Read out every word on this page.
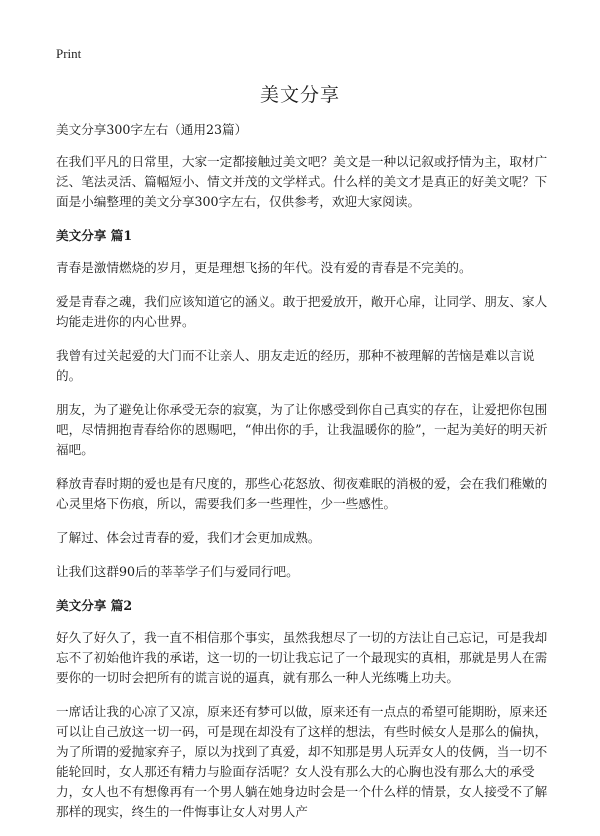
Print
美文分享

美文分享300字左右（通用23篇）

在我们平凡的日常里，大家一定都接触过美文吧？美文是一种以记叙或抒情为主，取材广泛、笔法灵活、篇幅短小、情文并茂的文学样式。什么样的美文才是真正的好美文呢？下面是小编整理的美文分享300字左右，仅供参考，欢迎大家阅读。

美文分享 篇1

青春是激情燃烧的岁月，更是理想飞扬的年代。没有爱的青春是不完美的。

爱是青春之魂，我们应该知道它的涵义。敢于把爱放开，敞开心扉，让同学、朋友、家人均能走进你的内心世界。

我曾有过关起爱的大门而不让亲人、朋友走近的经历，那种不被理解的苦恼是难以言说的。

朋友，为了避免让你承受无奈的寂寞，为了让你感受到你自己真实的存在，让爱把你包围吧，尽情拥抱青春给你的恩赐吧，“伸出你的手，让我温暖你的脸”，一起为美好的明天祈福吧。

释放青春时期的爱也是有尺度的，那些心花怒放、彻夜难眠的消极的爱，会在我们稚嫩的心灵里烙下伤痕，所以，需要我们多一些理性，少一些感性。

了解过、体会过青春的爱，我们才会更加成熟。

让我们这群90后的莘莘学子们与爱同行吧。

美文分享 篇2

好久了好久了，我一直不相信那个事实，虽然我想尽了一切的方法让自己忘记，可是我却忘不了初始他许我的承诺，这一切的一切让我忘记了一个最现实的真相，那就是男人在需要你的一切时会把所有的谎言说的逼真，就有那么一种人光练嘴上功夫。

一席话让我的心凉了又凉，原来还有梦可以做，原来还有一点点的希望可能期盼，原来还可以让自己放这一切一码，可是现在却没有了这样的想法，有些时候女人是那么的偏执，为了所谓的爱抛家弃子，原以为找到了真爱，却不知那是男人玩弄女人的伎俩，当一切不能轮回时，女人那还有精力与脸面存活呢？女人没有那么大的心胸也没有那么大的承受力，女人也不有想像再有一个男人躺在她身边时会是一个什么样的情景，女人接受不了解那样的现实，终生的一件悔事让女人对男人产
